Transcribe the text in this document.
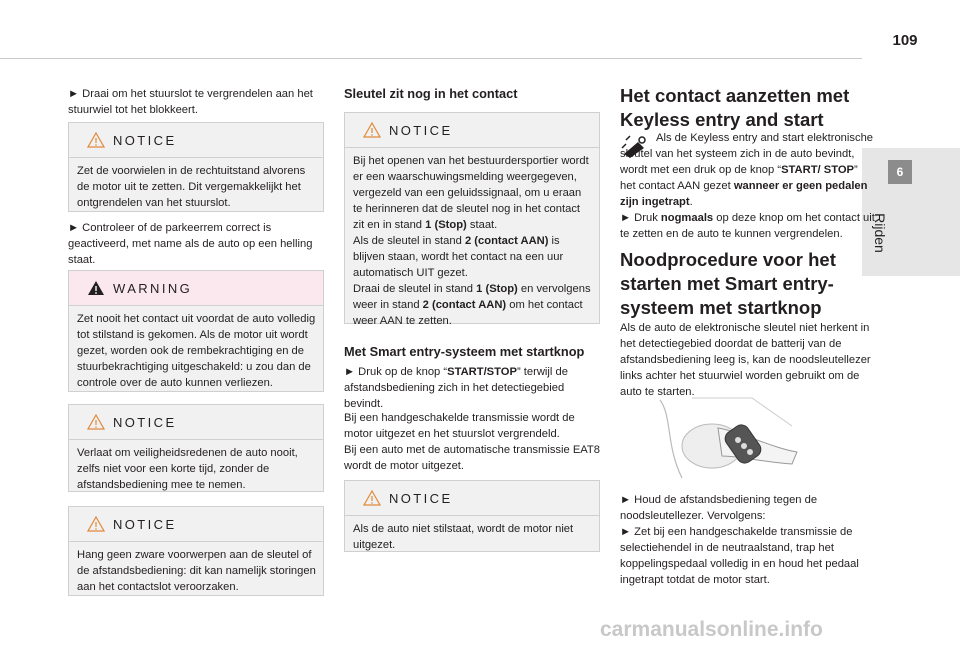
109
6
Rijden

► Draai om het stuurslot te vergrendelen aan het stuurwiel tot het blokkeert.

NOTICE
Zet de voorwielen in de rechtuitstand alvorens de motor uit te zetten. Dit vergemakkelijkt het ontgrendelen van het stuurslot.

► Controleer of de parkeerrem correct is geactiveerd, met name als de auto op een helling staat.

WARNING
Zet nooit het contact uit voordat de auto volledig tot stilstand is gekomen. Als de motor uit wordt gezet, worden ook de rembekrachtiging en de stuurbekrachtiging uitgeschakeld: u zou dan de controle over de auto kunnen verliezen.
NOTICE
Verlaat om veiligheidsredenen de auto nooit, zelfs niet voor een korte tijd, zonder de afstandsbediening mee te nemen.
NOTICE
Hang geen zware voorwerpen aan de sleutel of de afstandsbediening: dit kan namelijk storingen aan het contactslot veroorzaken.
Sleutel zit nog in het contact
NOTICE
Bij het openen van het bestuurdersportier wordt er een waarschuwingsmelding weergegeven, vergezeld van een geluidssignaal, om u eraan te herinneren dat de sleutel nog in het contact zit en in stand 1 (Stop) staat.
Als de sleutel in stand 2 (contact AAN) is blijven staan, wordt het contact na een uur automatisch UIT gezet.
Draai de sleutel in stand 1 (Stop) en vervolgens weer in stand 2 (contact AAN) om het contact weer AAN te zetten.
Met Smart entry-systeem met startknop

► Druk op de knop “START/STOP” terwijl de afstandsbediening zich in het detectiegebied bevindt.

Bij een handgeschakelde transmissie wordt de motor uitgezet en het stuurslot vergrendeld.

Bij een auto met de automatische transmissie EAT8 wordt de motor uitgezet.

NOTICE
Als de auto niet stilstaat, wordt de motor niet uitgezet.
Het contact aanzetten met Keyless entry and start

Als de Keyless entry and start elektronische sleutel van het systeem zich in de auto bevindt, wordt met een druk op de knop “START/ STOP” het contact AAN gezet wanneer er geen pedalen zijn ingetrapt.

► Druk nogmaals op deze knop om het contact uit te zetten en de auto te kunnen vergrendelen.

Noodprocedure voor het starten met Smart entry-systeem met startknop

Als de auto de elektronische sleutel niet herkent in het detectiegebied doordat de batterij van de afstandsbediening leeg is, kan de noodsleutellezer links achter het stuurwiel worden gebruikt om de auto te starten.

► Houd de afstandsbediening tegen de noodsleutellezer. Vervolgens:

► Zet bij een handgeschakelde transmissie de selectiehendel in de neutraalstand, trap het koppelingspedaal volledig in en houd het pedaal ingetrapt totdat de motor start.

carmanualsonline.info
